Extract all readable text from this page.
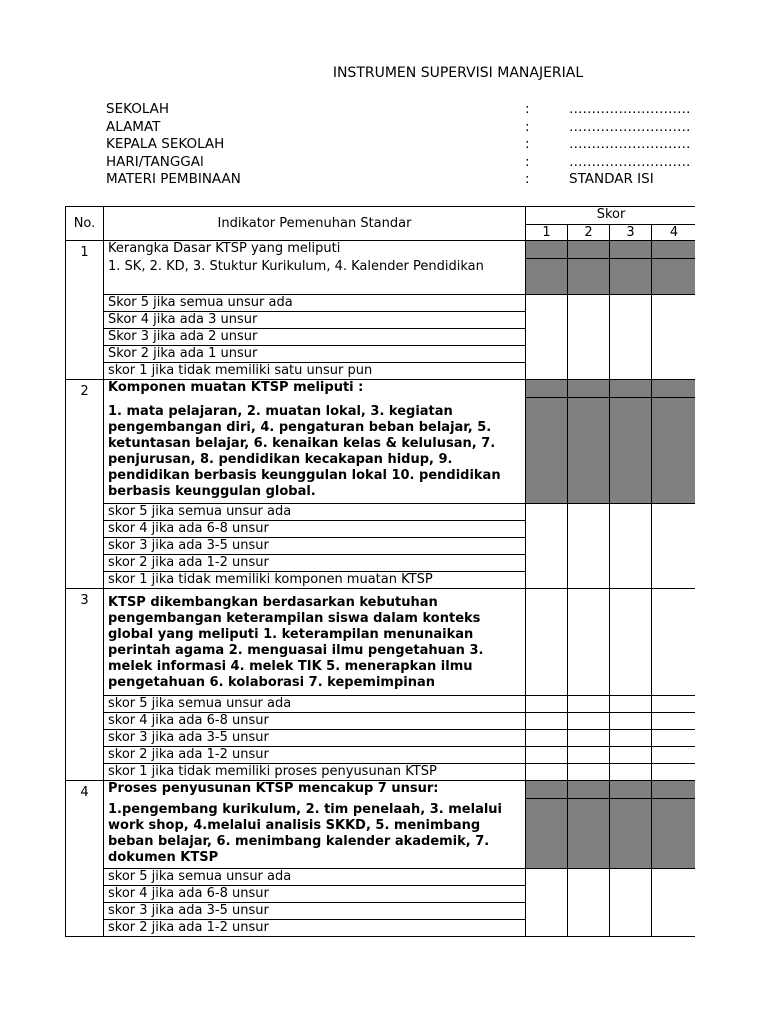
INSTRUMEN SUPERVISI MANAJERIAL
SEKOLAH	:	………………………
ALAMAT	:	………………………
KEPALA SEKOLAH	:	………………………
HARI/TANGGAl	:	………………………
MATERI PEMBINAAN	:	STANDAR ISI
No.	Indikator Pemenuhan Standar	Skor			
		1	2	3	4
1	Kerangka Dasar KTSP yang meliputi				
	1. SK, 2. KD, 3. Stuktur Kurikulum, 4. Kalender Pendidikan				
	Skor 5 jika semua unsur ada				
	Skor 4 jika ada 3 unsur				
	Skor 3 jika ada 2 unsur				
	Skor 2 jika ada 1 unsur				
	skor 1 jika tidak memiliki satu unsur pun				
2	Komponen muatan KTSP meliputi :				
	1. mata pelajaran, 2. muatan lokal, 3. kegiatan pengembangan diri, 4. pengaturan beban belajar, 5. ketuntasan belajar, 6. kenaikan kelas & kelulusan, 7. penjurusan, 8. pendidikan kecakapan hidup, 9. pendidikan berbasis keunggulan lokal 10. pendidikan berbasis keunggulan global.				
	skor 5 jika semua unsur ada				
	skor 4 jika ada 6-8 unsur				
	skor 3 jika ada 3-5 unsur				
	skor 2 jika ada 1-2 unsur				
	skor 1 jika tidak memiliki komponen muatan KTSP				
3	KTSP dikembangkan berdasarkan kebutuhan pengembangan keterampilan siswa dalam konteks global yang meliputi 1. keterampilan menunaikan perintah agama 2. menguasai ilmu pengetahuan 3. melek informasi 4. melek TIK 5. menerapkan ilmu pengetahuan 6. kolaborasi 7. kepemimpinan				
	skor 5 jika semua unsur ada				
	skor 4 jika ada 6-8 unsur				
	skor 3 jika ada 3-5 unsur				
	skor 2 jika ada 1-2 unsur				
	skor 1 jika tidak memiliki proses penyusunan KTSP				
4	Proses penyusunan KTSP mencakup 7 unsur:				
	1.pengembang kurikulum, 2. tim penelaah, 3. melalui work shop, 4.melalui analisis SKKD, 5. menimbang beban belajar, 6. menimbang kalender akademik, 7. dokumen KTSP				
	skor 5 jika semua unsur ada				
	skor 4 jika ada 6-8 unsur				
	skor 3 jika ada 3-5 unsur				
	skor 2 jika ada 1-2 unsur				
